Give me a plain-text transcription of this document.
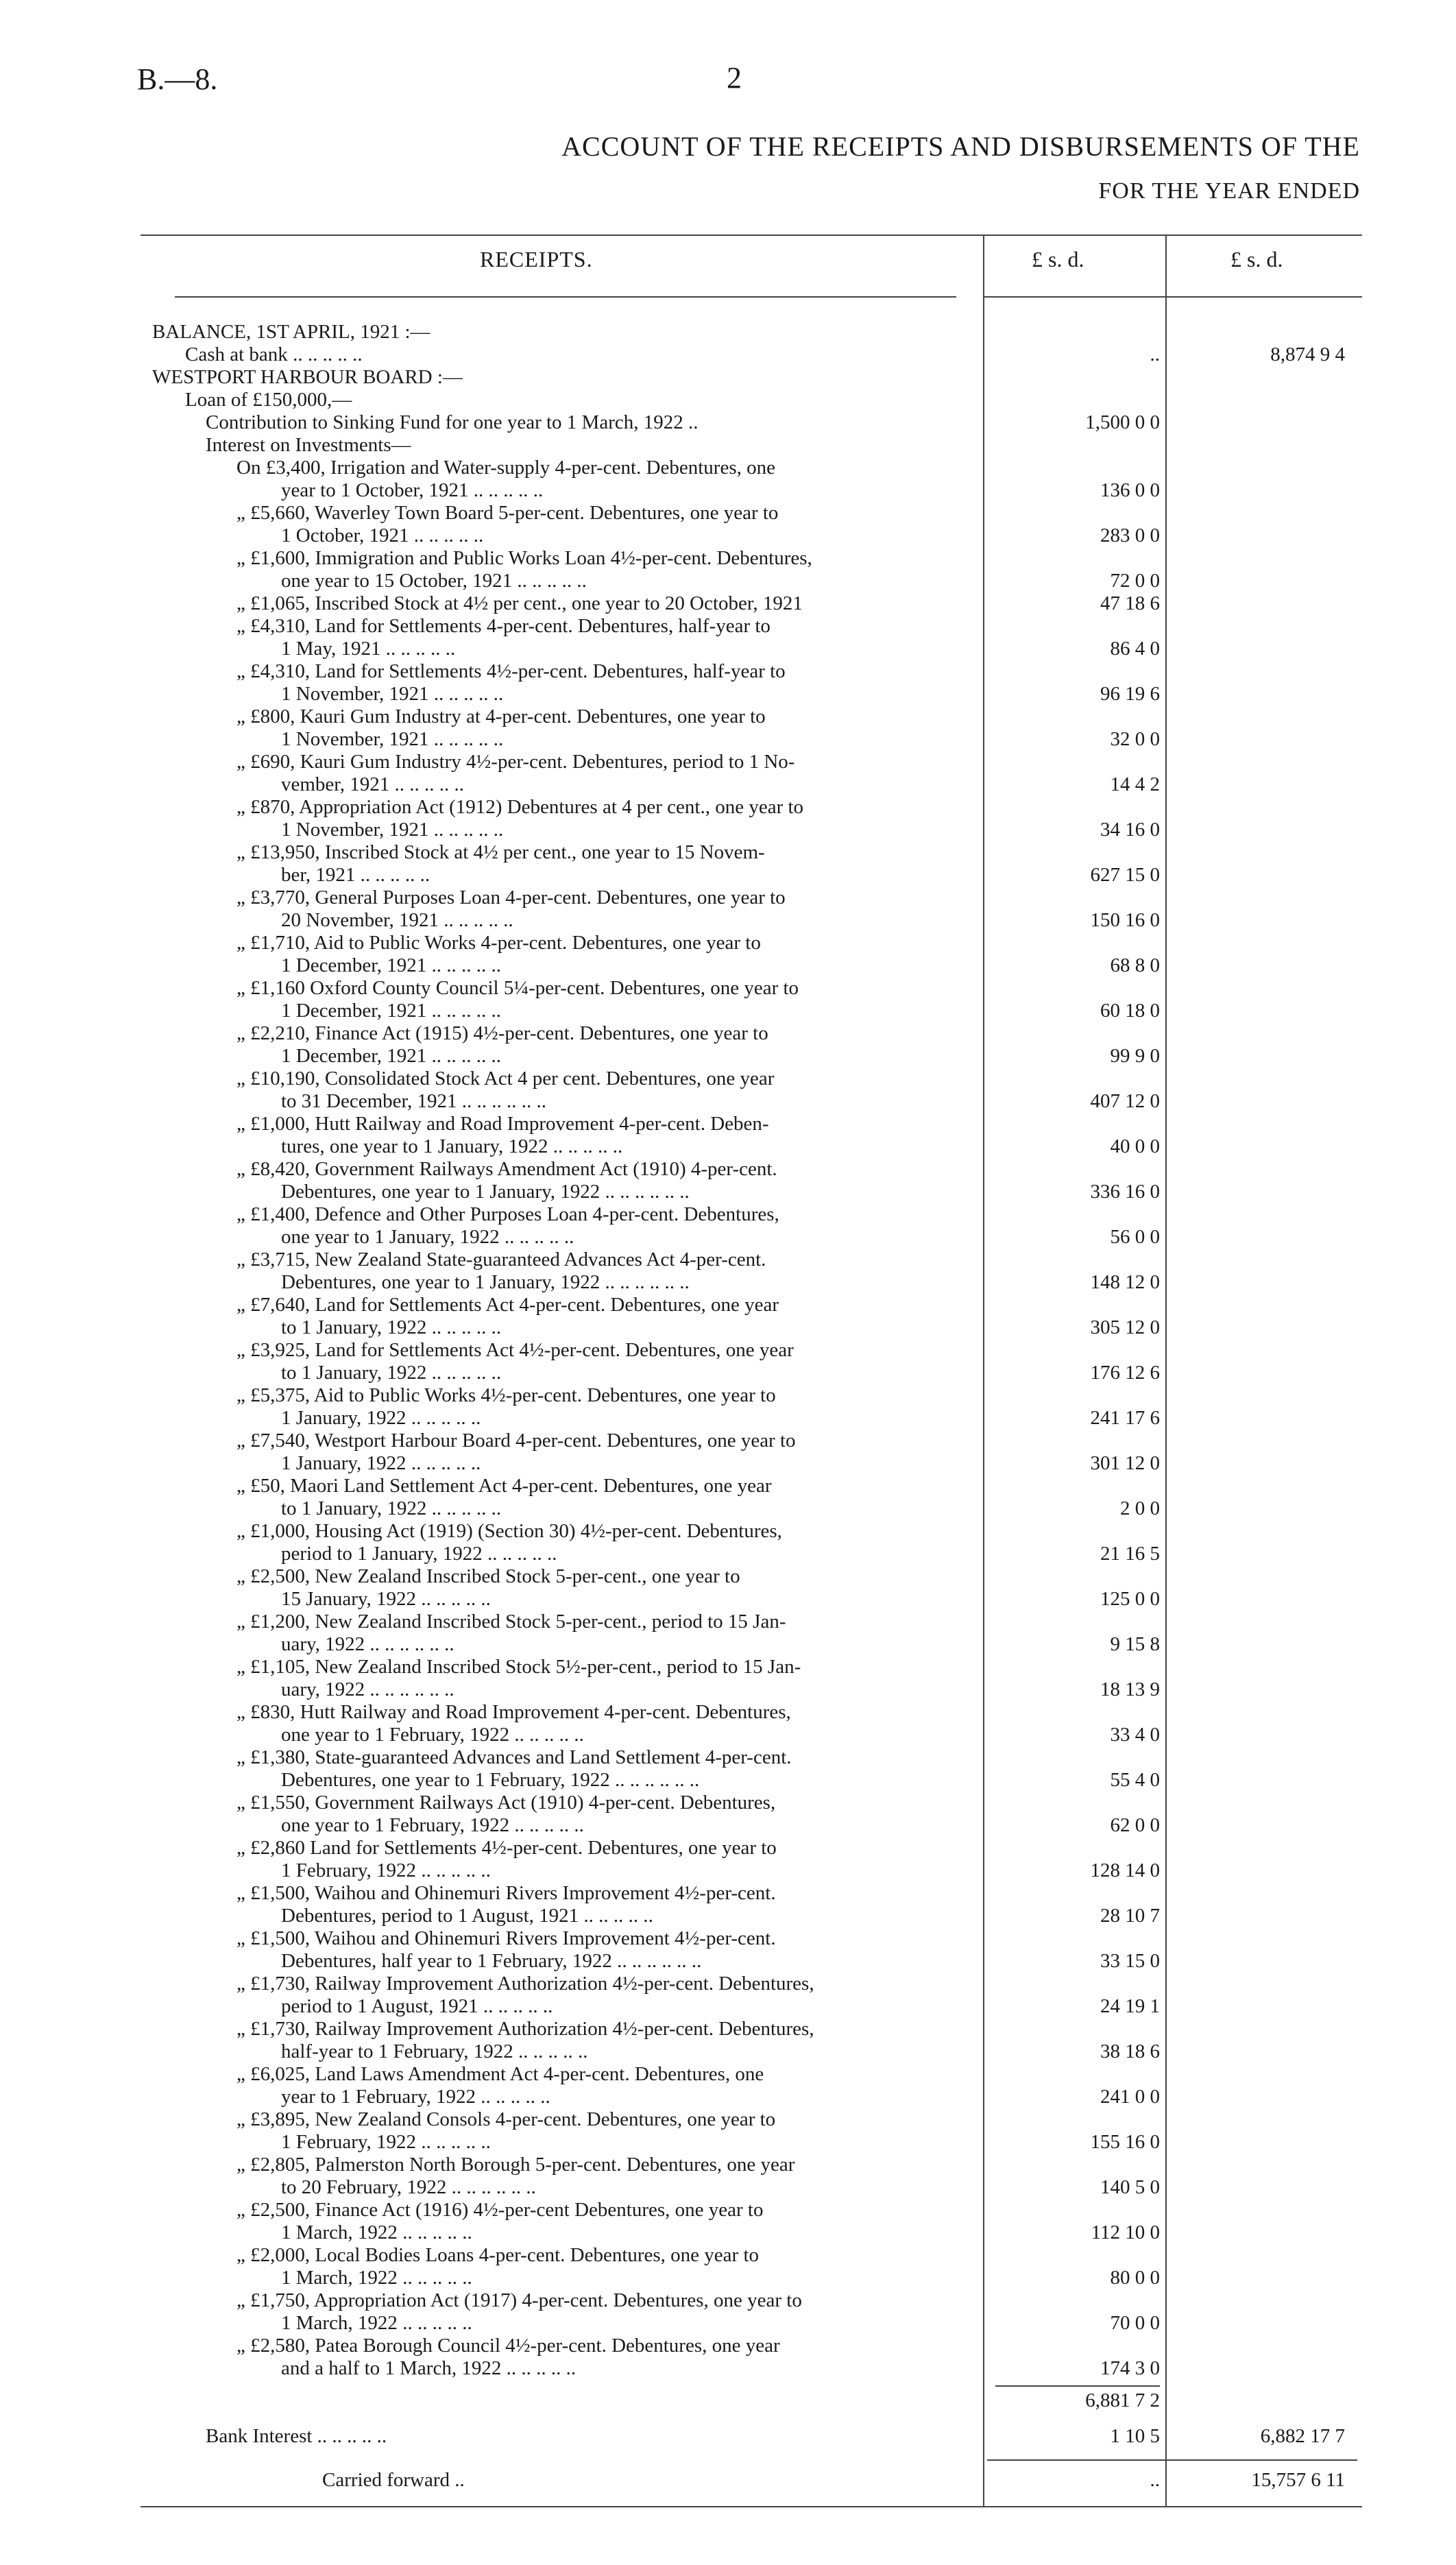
B.—8.	2
ACCOUNT OF THE RECEIPTS AND DISBURSEMENTS OF THE
FOR THE YEAR ENDED
RECEIPTS.	£ s. d.	£ s. d.
BALANCE, 1ST APRIL, 1921 :—
Cash at bank .. .	..	8,874 9 4
WESTPORT HARBOUR BOARD :—
Loan of £150,000,—
Contribution to Sinking Fund for one year to 1 March, 1922 ..	1,500 0 0
Interest on Investments—
On £3,400, Irrigation and Water-supply 4-per-cent. Debentures, one
year to 1 October, 1921 .. .	136 0 0
„ £5,660, Waverley Town Board 5-per-cent. Debentures, one year to
1 October, 1921 .. .	283 0 0
„ £1,600, Immigration and Public Works Loan 4½-per-cent. Debentures,
one year to 15 October, 1921 .. .	72 0 0
„ £1,065, Inscribed Stock at 4½ per cent., one year to 20 October, 1921	47 18 6
„ £4,310, Land for Settlements 4-per-cent. Debentures, half-year to
1 May, 1921 .. .	86 4 0
„ £4,310, Land for Settlements 4½-per-cent. Debentures, half-year to
1 November, 1921 .. .	96 19 6
„ £800, Kauri Gum Industry at 4-per-cent. Debentures, one year to
1 November, 1921 .. .	32 0 0
„ £690, Kauri Gum Industry 4½-per-cent. Debentures, period to 1 No-
vember, 1921 .. .	14 4 2
„ £870, Appropriation Act (1912) Debentures at 4 per cent., one year to
1 November, 1921 .. .	34 16 0
„ £13,950, Inscribed Stock at 4½ per cent., one year to 15 Novem-
ber, 1921 .. .	627 15 0
„ £3,770, General Purposes Loan 4-per-cent. Debentures, one year to
20 November, 1921 .. .	150 16 0
„ £1,710, Aid to Public Works 4-per-cent. Debentures, one year to
1 December, 1921 .. .	68 8 0
„ £1,160 Oxford County Council 5¼-per-cent. Debentures, one year to
1 December, 1921 .. .	60 18 0
„ £2,210, Finance Act (1915) 4½-per-cent. Debentures, one year to
1 December, 1921 .. .	99 9 0
„ £10,190, Consolidated Stock Act 4 per cent. Debentures, one year
to 31 December, 1921 .. .. .	407 12 0
„ £1,000, Hutt Railway and Road Improvement 4-per-cent. Deben-
tures, one year to 1 January, 1922 .. .	40 0 0
„ £8,420, Government Railways Amendment Act (1910) 4-per-cent.
Debentures, one year to 1 January, 1922 .. .. .	336 16 0
„ £1,400, Defence and Other Purposes Loan 4-per-cent. Debentures,
one year to 1 January, 1922 .. .	56 0 0
„ £3,715, New Zealand State-guaranteed Advances Act 4-per-cent.
Debentures, one year to 1 January, 1922 .. .. .	148 12 0
„ £7,640, Land for Settlements Act 4-per-cent. Debentures, one year
to 1 January, 1922 .. .	305 12 0
„ £3,925, Land for Settlements Act 4½-per-cent. Debentures, one year
to 1 January, 1922 .. .	176 12 6
„ £5,375, Aid to Public Works 4½-per-cent. Debentures, one year to
1 January, 1922 .. .	241 17 6
„ £7,540, Westport Harbour Board 4-per-cent. Debentures, one year to
1 January, 1922 .. .	301 12 0
„ £50, Maori Land Settlement Act 4-per-cent. Debentures, one year
to 1 January, 1922 .. .	2 0 0
„ £1,000, Housing Act (1919) (Section 30) 4½-per-cent. Debentures,
period to 1 January, 1922 .. .	21 16 5
„ £2,500, New Zealand Inscribed Stock 5-per-cent., one year to
15 January, 1922 .. .	125 0 0
„ £1,200, New Zealand Inscribed Stock 5-per-cent., period to 15 Jan-
uary, 1922 .. .. .	9 15 8
„ £1,105, New Zealand Inscribed Stock 5½-per-cent., period to 15 Jan-
uary, 1922 .. .. .	18 13 9
„ £830, Hutt Railway and Road Improvement 4-per-cent. Debentures,
one year to 1 February, 1922 .. .	33 4 0
„ £1,380, State-guaranteed Advances and Land Settlement 4-per-cent.
Debentures, one year to 1 February, 1922 .. .. .	55 4 0
„ £1,550, Government Railways Act (1910) 4-per-cent. Debentures,
one year to 1 February, 1922 .. .	62 0 0
„ £2,860 Land for Settlements 4½-per-cent. Debentures, one year to
1 February, 1922 .. .	128 14 0
„ £1,500, Waihou and Ohinemuri Rivers Improvement 4½-per-cent.
Debentures, period to 1 August, 1921 .. .	28 10 7
„ £1,500, Waihou and Ohinemuri Rivers Improvement 4½-per-cent.
Debentures, half year to 1 February, 1922 .. .. .	33 15 0
„ £1,730, Railway Improvement Authorization 4½-per-cent. Debentures,
period to 1 August, 1921 .. .	24 19 1
„ £1,730, Railway Improvement Authorization 4½-per-cent. Debentures,
half-year to 1 February, 1922 .. .	38 18 6
„ £6,025, Land Laws Amendment Act 4-per-cent. Debentures, one
year to 1 February, 1922 .. .	241 0 0
„ £3,895, New Zealand Consols 4-per-cent. Debentures, one year to
1 February, 1922 .. .	155 16 0
„ £2,805, Palmerston North Borough 5-per-cent. Debentures, one year
to 20 February, 1922 .. .. .	140 5 0
„ £2,500, Finance Act (1916) 4½-per-cent Debentures, one year to
1 March, 1922 .. .	112 10 0
„ £2,000, Local Bodies Loans 4-per-cent. Debentures, one year to
1 March, 1922 .. .	80 0 0
„ £1,750, Appropriation Act (1917) 4-per-cent. Debentures, one year to
1 March, 1922 .. .	70 0 0
„ £2,580, Patea Borough Council 4½-per-cent. Debentures, one year
and a half to 1 March, 1922 .. .	174 3 0
6,881 7 2
Bank Interest .. .	1 10 5	6,882 17 7
Carried forward ..	..	15,757 6 11
